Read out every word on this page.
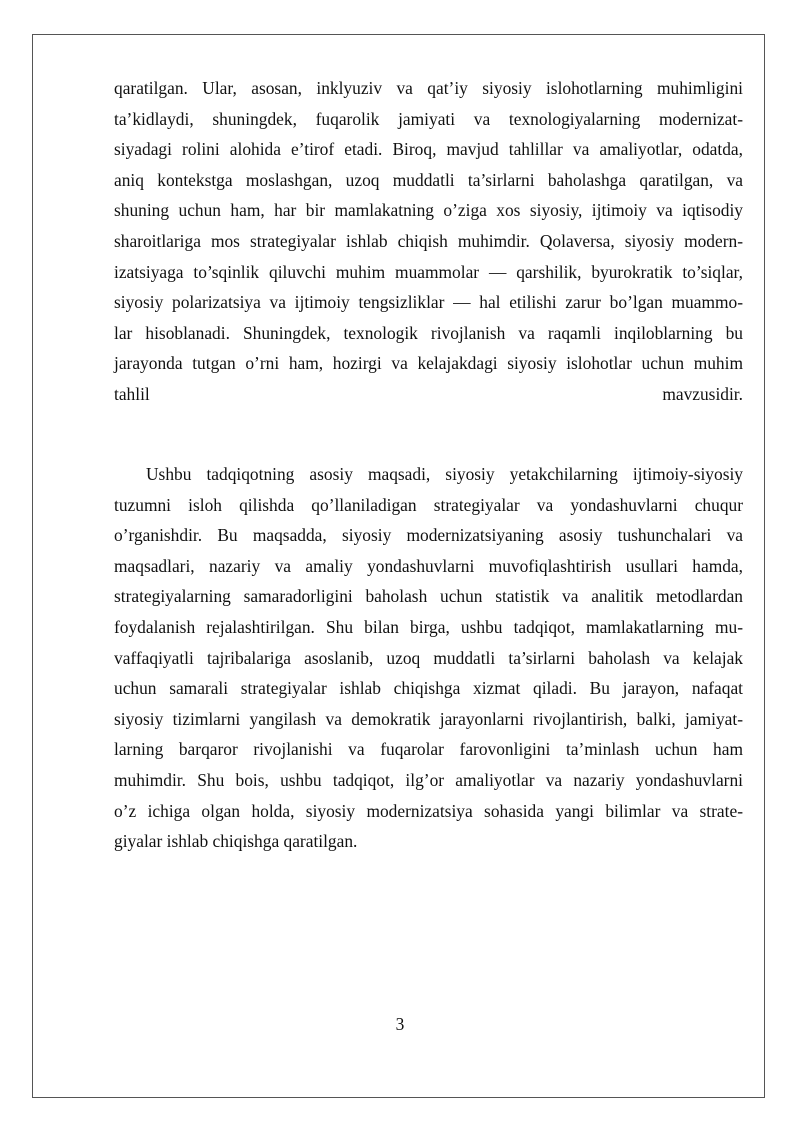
qaratilgan. Ular, asosan, inklyuziv va qat’iy siyosiy islohotlarning muhimligini
ta’kidlaydi, shuningdek, fuqarolik jamiyati va texnologiyalarning modernizat-
siyadagi rolini alohida e’tirof etadi. Biroq, mavjud tahlillar va amaliyotlar, odatda,
aniq kontekstga moslashgan, uzoq muddatli ta’sirlarni baholashga qaratilgan, va
shuning uchun ham, har bir mamlakatning o’ziga xos siyosiy, ijtimoiy va iqtisodiy
sharoitlariga mos strategiyalar ishlab chiqish muhimdir. Qolaversa, siyosiy modern-
izatsiyaga to’sqinlik qiluvchi muhim muammolar — qarshilik, byurokratik to’siqlar,
siyosiy polarizatsiya va ijtimoiy tengsizliklar — hal etilishi zarur bo’lgan muammo-
lar hisoblanadi. Shuningdek, texnologik rivojlanish va raqamli inqiloblarning bu
jarayonda tutgan o’rni ham, hozirgi va kelajakdagi siyosiy islohotlar uchun muhim
tahlil	mavzusidir.
Ushbu tadqiqotning asosiy maqsadi, siyosiy yetakchilarning ijtimoiy-siyosiy
tuzumni isloh qilishda qo’llaniladigan strategiyalar va yondashuvlarni chuqur
o’rganishdir. Bu maqsadda, siyosiy modernizatsiyaning asosiy tushunchalari va
maqsadlari, nazariy va amaliy yondashuvlarni muvofiqlashtirish usullari hamda,
strategiyalarning samaradorligini baholash uchun statistik va analitik metodlardan
foydalanish rejalashtirilgan. Shu bilan birga, ushbu tadqiqot, mamlakatlarning mu-
vaffaqiyatli tajribalariga asoslanib, uzoq muddatli ta’sirlarni baholash va kelajak
uchun samarali strategiyalar ishlab chiqishga xizmat qiladi. Bu jarayon, nafaqat
siyosiy tizimlarni yangilash va demokratik jarayonlarni rivojlantirish, balki, jamiyat-
larning barqaror rivojlanishi va fuqarolar farovonligini ta’minlash uchun ham
muhimdir. Shu bois, ushbu tadqiqot, ilg’or amaliyotlar va nazariy yondashuvlarni
o’z ichiga olgan holda, siyosiy modernizatsiya sohasida yangi bilimlar va strate-
giyalar ishlab chiqishga qaratilgan.
3
